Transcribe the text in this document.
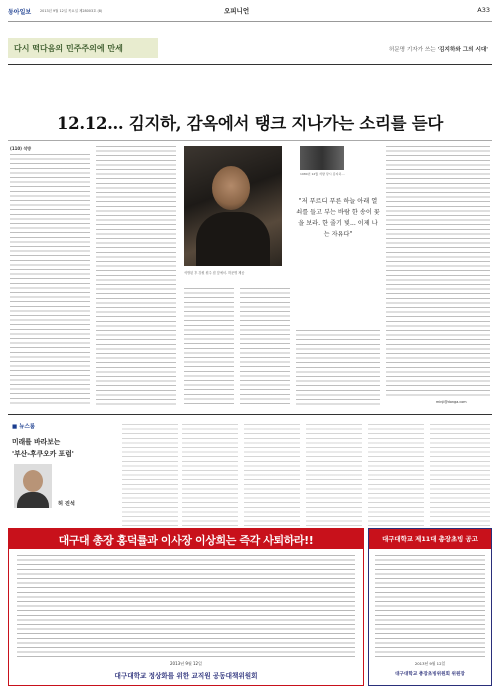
동아일보	2013년 9월 12일 목요일 제28003호 (8)	오피니언	A33
다시 떡다음의 민주주의에 만세	허문명 기자가 쓰는 '김지하와 그의 시대'
12.12… 김지하, 감옥에서 탱크 지나가는 소리를 듣다
(110) 석방
석방된 후 강원 원주 집 앞에서. 허문명 제공
1980년 12월 석방 당시 김지하 ...
"저 푸르디 푸른 하늘 아래 열쇠를 들고 부는 바람 한 송이 꽃을 보라. 한 줄기 빛... 이제 나는 자유다"
minji@donga.com
■ 뉴스룸
미래를 바라보는
'부산-후쿠오카 포럼'
허 진석
대구대 총장 홍덕률과 이사장 이상희는 즉각 사퇴하라!!
2013년 9월 12일
대구대학교 정상화를 위한 교직원 공동대책위원회
대구대학교 제11대 총장초빙 공고
2013년 9월 12일
대구대학교 총장초빙위원회 위원장
